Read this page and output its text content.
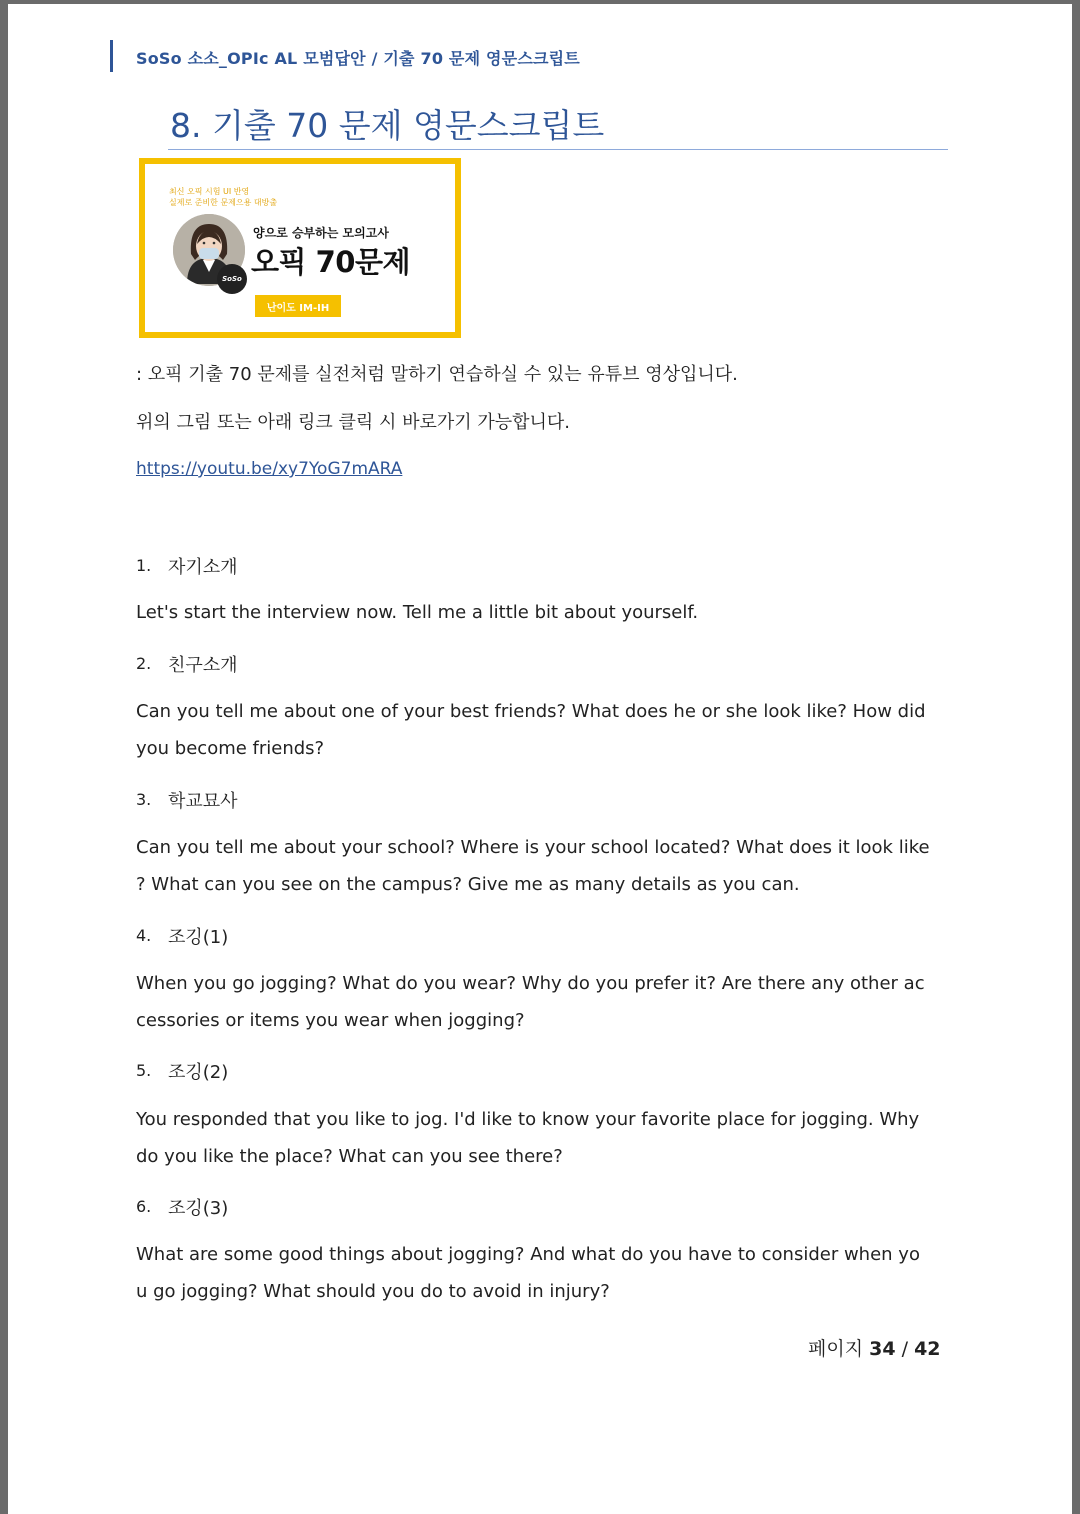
SoSo 소소_OPIc AL 모범답안 / 기출 70 문제 영문스크립트
8. 기출 70 문제 영문스크립트
최신 오픽 시험 UI 반영
실제로 준비한 문제으용 대방출
SoSo
양으로 승부하는 모의고사
오픽 70문제
난이도 IM-IH
: 오픽 기출 70 문제를 실전처럼 말하기 연습하실 수 있는 유튜브 영상입니다.
위의 그림 또는 아래 링크 클릭 시 바로가기 가능합니다.
https://youtu.be/xy7YoG7mARA
1. 자기소개
Let's start the interview now. Tell me a little bit about yourself.
2. 친구소개
Can you tell me about one of your best friends? What does he or she look like? How did
you become friends?
3. 학교묘사
Can you tell me about your school? Where is your school located? What does it look like
? What can you see on the campus? Give me as many details as you can.
4. 조깅(1)
When you go jogging? What do you wear? Why do you prefer it? Are there any other ac
cessories or items you wear when jogging?
5. 조깅(2)
You responded that you like to jog. I'd like to know your favorite place for jogging. Why
do you like the place? What can you see there?
6. 조깅(3)
What are some good things about jogging? And what do you have to consider when yo
u go jogging? What should you do to avoid in injury?
페이지 34 / 42
